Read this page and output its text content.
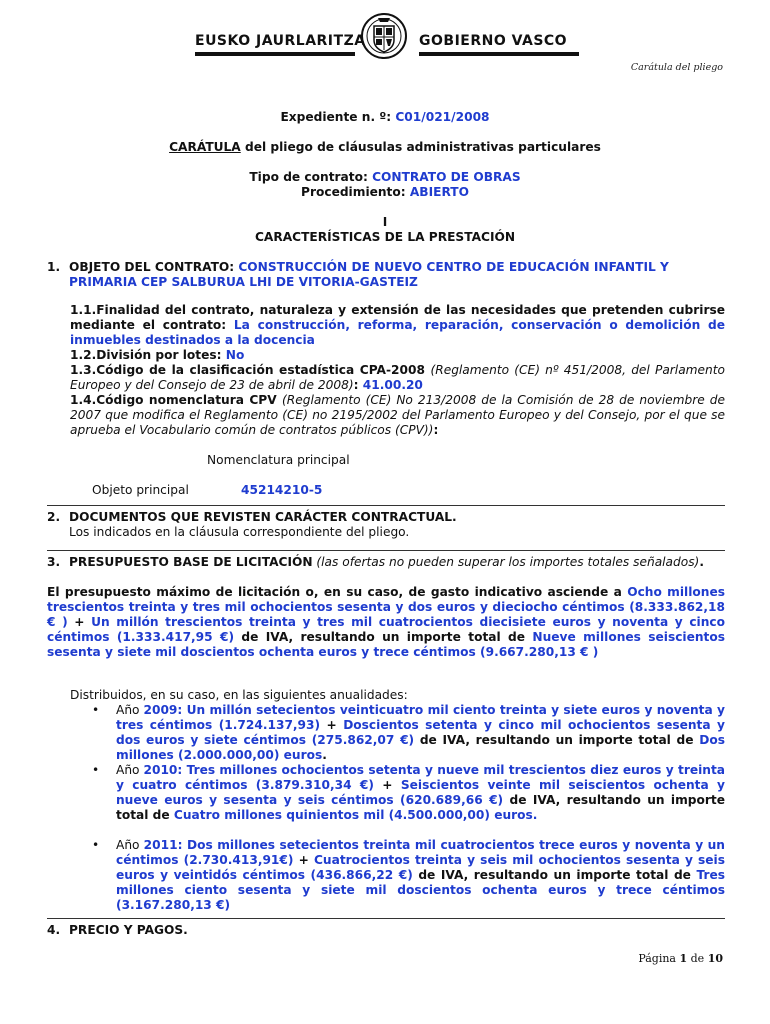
EUSKO JAURLARITZA	GOBIERNO VASCO
Carátula del pliego
Expediente n. º: C01/021/2008
CARÁTULA del pliego de cláusulas administrativas particulares
Tipo de contrato: CONTRATO DE OBRAS
Procedimiento: ABIERTO
I
CARACTERÍSTICAS DE LA PRESTACIÓN
1. OBJETO DEL CONTRATO: CONSTRUCCIÓN DE NUEVO CENTRO DE EDUCACIÓN INFANTIL Y
PRIMARIA CEP SALBURUA LHI DE VITORIA-GASTEIZ
1.1.Finalidad del contrato, naturaleza y extensión de las necesidades que pretenden cubrirse mediante el contrato: La construcción, reforma, reparación, conservación o demolición de inmuebles destinados a la docencia
1.2.División por lotes: No
1.3.Código de la clasificación estadística CPA-2008 (Reglamento (CE) nº 451/2008, del Parlamento Europeo y del Consejo de 23 de abril de 2008): 41.00.20
1.4.Código nomenclatura CPV (Reglamento (CE) No 213/2008 de la Comisión de 28 de noviembre de 2007 que modifica el Reglamento (CE) no 2195/2002 del Parlamento Europeo y del Consejo, por el que se aprueba el Vocabulario común de contratos públicos (CPV)):
Nomenclatura principal
Objeto principal	45214210-5
2. DOCUMENTOS QUE REVISTEN CARÁCTER CONTRACTUAL.
Los indicados en la cláusula correspondiente del pliego.
3. PRESUPUESTO BASE DE LICITACIÓN (las ofertas no pueden superar los importes totales señalados).
El presupuesto máximo de licitación o, en su caso, de gasto indicativo asciende a Ocho millones trescientos treinta y tres mil ochocientos sesenta y dos euros y dieciocho céntimos (8.333.862,18 € ) + Un millón trescientos treinta y tres mil cuatrocientos diecisiete euros y noventa y cinco céntimos (1.333.417,95 €) de IVA, resultando un importe total de Nueve millones seiscientos sesenta y siete mil doscientos ochenta euros y trece céntimos (9.667.280,13 € )
Distribuidos, en su caso, en las siguientes anualidades:
• Año 2009: Un millón setecientos veinticuatro mil ciento treinta y siete euros y noventa y tres céntimos (1.724.137,93) + Doscientos setenta y cinco mil ochocientos sesenta y dos euros y siete céntimos (275.862,07 €) de IVA, resultando un importe total de Dos millones (2.000.000,00) euros.
• Año 2010: Tres millones ochocientos setenta y nueve mil trescientos diez euros y treinta y cuatro céntimos (3.879.310,34 €) + Seiscientos veinte mil seiscientos ochenta y nueve euros y sesenta y seis céntimos (620.689,66 €) de IVA, resultando un importe total de Cuatro millones quinientos mil (4.500.000,00) euros.
• Año 2011: Dos millones setecientos treinta mil cuatrocientos trece euros y noventa y un céntimos (2.730.413,91€) + Cuatrocientos treinta y seis mil ochocientos sesenta y seis euros y veintidós céntimos (436.866,22 €) de IVA, resultando un importe total de Tres millones ciento sesenta y siete mil doscientos ochenta euros y trece céntimos (3.167.280,13 €)
4. PRECIO Y PAGOS.
Página 1 de 10
